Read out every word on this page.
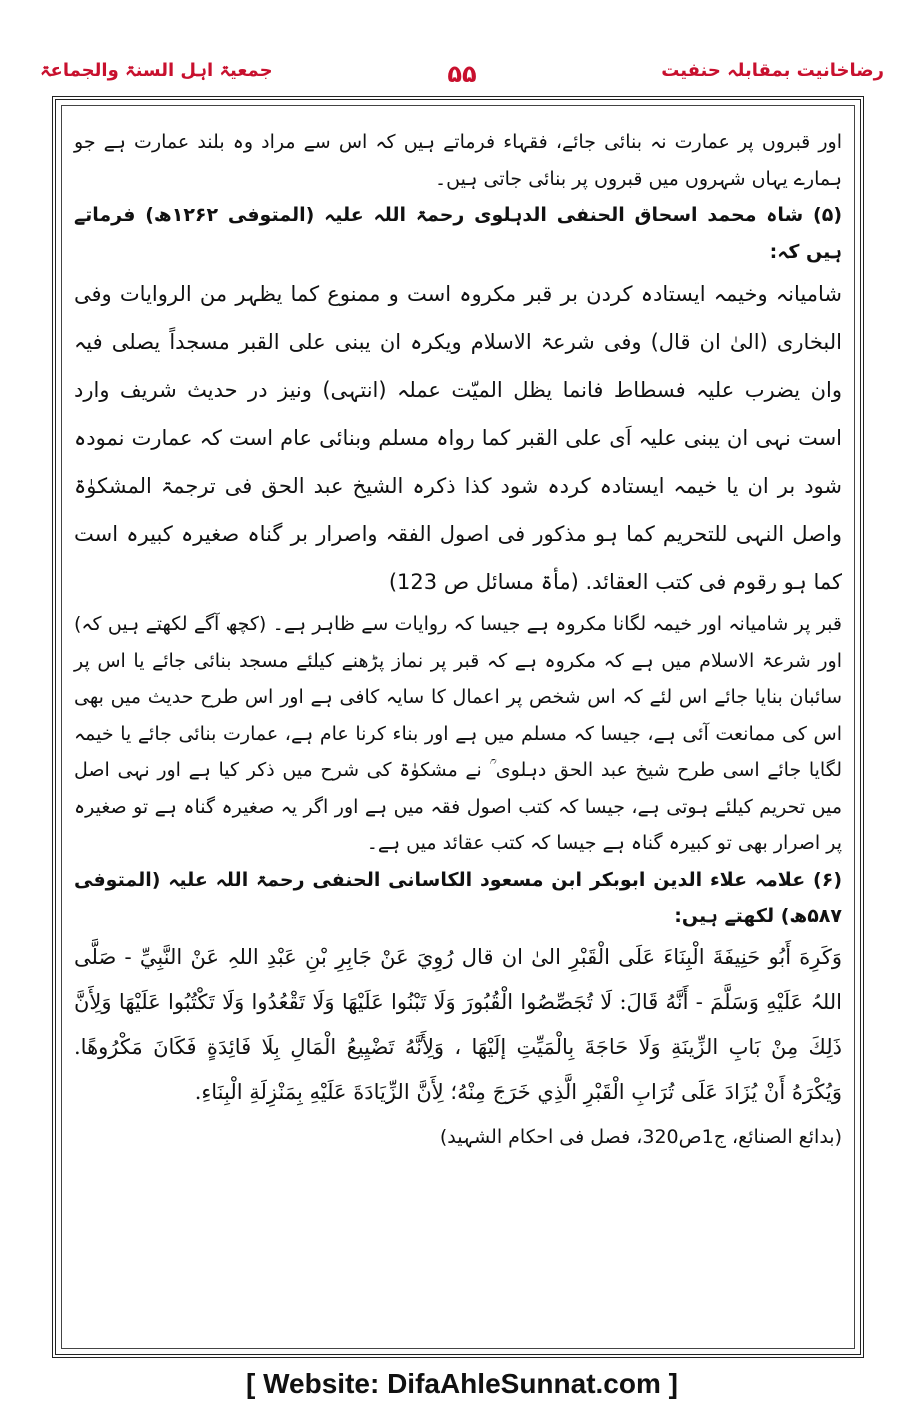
رضاخانیت بمقابلہ حنفیت
۵۵
جمعیۃ اہل السنۃ والجماعۃ

اور قبروں پر عمارت نہ بنائی جائے، فقہاء فرماتے ہیں کہ اس سے مراد وہ بلند عمارت ہے جو ہمارے یہاں شہروں میں قبروں پر بنائی جاتی ہیں۔

(۵) شاہ محمد اسحاق الحنفی الدہلوی رحمۃ اللہ علیہ (المتوفی ۱۲۶۲ھ) فرماتے ہیں کہ:

شامیانہ وخیمہ ایستادہ کردن بر قبر مکروہ است و ممنوع کما یظہر من الروایات وفی البخاری (الیٰ ان قال) وفی شرعۃ الاسلام ویکرہ ان یبنی علی القبر مسجداً یصلی فیہ وان یضرب علیہ فسطاط فانما یظل المیّت عملہ (انتہی) ونیز در حدیث شریف وارد است نہی ان یبنی علیہ اَی علی القبر کما رواہ مسلم وبنائی عام است کہ عمارت نمودہ شود بر ان یا خیمہ ایستادہ کردہ شود کذا ذکرہ الشیخ عبد الحق فی ترجمۃ المشکوٰۃ واصل النہی للتحریم کما ہو مذکور فی اصول الفقہ واصرار بر گناہ صغیرہ کبیرہ است کما ہو رقوم فی کتب العقائد. (مأۃ مسائل ص 123)

قبر پر شامیانہ اور خیمہ لگانا مکروہ ہے جیسا کہ روایات سے ظاہر ہے۔ (کچھ آگے لکھتے ہیں کہ) اور شرعۃ الاسلام میں ہے کہ مکروہ ہے کہ قبر پر نماز پڑھنے کیلئے مسجد بنائی جائے یا اس پر سائبان بنایا جائے اس لئے کہ اس شخص پر اعمال کا سایہ کافی ہے اور اس طرح حدیث میں بھی اس کی ممانعت آئی ہے، جیسا کہ مسلم میں ہے اور بناء کرنا عام ہے، عمارت بنائی جائے یا خیمہ لگایا جائے اسی طرح شیخ عبد الحق دہلوی ؒ نے مشکوٰۃ کی شرح میں ذکر کیا ہے اور نہی اصل میں تحریم کیلئے ہوتی ہے، جیسا کہ کتب اصول فقہ میں ہے اور اگر یہ صغیرہ گناہ ہے تو صغیرہ پر اصرار بھی تو کبیرہ گناہ ہے جیسا کہ کتب عقائد میں ہے۔

(۶) علامہ علاء الدین ابوبکر ابن مسعود الکاسانی الحنفی رحمۃ اللہ علیہ (المتوفی ۵۸۷ھ) لکھتے ہیں:

وَكَرِهَ أَبُو حَنِيفَةَ الْبِنَاءَ عَلَى الْقَبْرِ الیٰ ان قال رُوِيَ عَنْ جَابِرِ بْنِ عَبْدِ اللہِ عَنْ النَّبِيِّ - صَلَّى اللہُ عَلَيْهِ وَسَلَّمَ - أَنَّهُ قَالَ: لَا تُجَصِّصُوا الْقُبُورَ وَلَا تَبْنُوا عَلَيْهَا وَلَا تَقْعُدُوا وَلَا تَكْتُبُوا عَلَيْهَا وَلِأَنَّ ذَلِكَ مِنْ بَابِ الزِّينَةِ وَلَا حَاجَةَ بِالْمَيِّتِ إلَيْهَا ، وَلِأَنَّهُ تَضْيِيعُ الْمَالِ بِلَا فَائِدَةٍ فَكَانَ مَكْرُوهًا. وَيُكْرَهُ أَنْ يُزَادَ عَلَى تُرَابِ الْقَبْرِ الَّذِي خَرَجَ مِنْهُ؛ لِأَنَّ الزِّيَادَةَ عَلَيْهِ بِمَنْزِلَةِ الْبِنَاءِ.

(بدائع الصنائع، ج1ص320، فصل فی احکام الشہید)

[ Website: DifaAhleSunnat.com ]
